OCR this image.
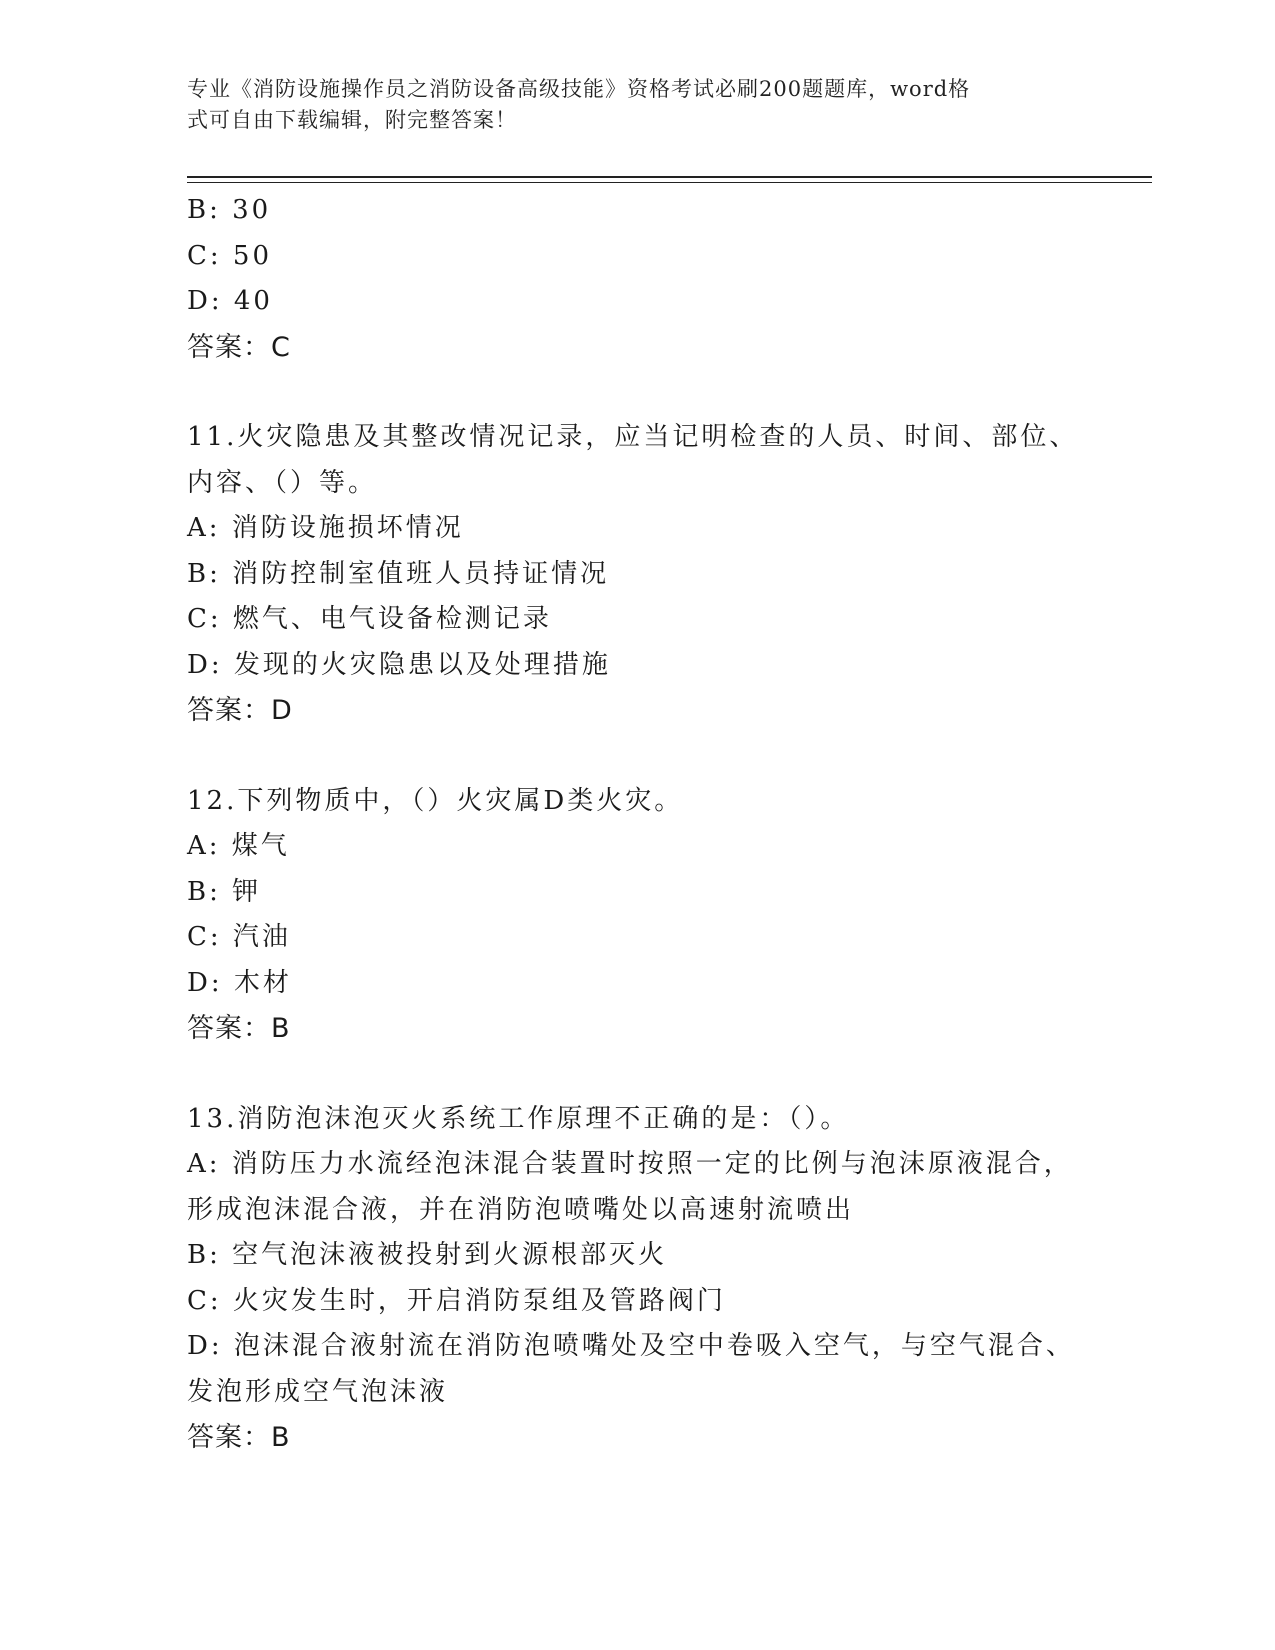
专业《消防设施操作员之消防设备高级技能》资格考试必刷200题题库，word格
式可自由下载编辑，附完整答案！
B: 30
C: 50
D: 40
答案：C
11.火灾隐患及其整改情况记录，应当记明检查的人员、时间、部位、
内容、（）等。
A: 消防设施损坏情况
B: 消防控制室值班人员持证情况
C: 燃气、电气设备检测记录
D: 发现的火灾隐患以及处理措施
答案：D
12.下列物质中，（）火灾属D类火灾。
A: 煤气
B: 钾
C: 汽油
D: 木材
答案：B
13.消防泡沫泡灭火系统工作原理不正确的是：（）。
A: 消防压力水流经泡沫混合装置时按照一定的比例与泡沫原液混合，
形成泡沫混合液，并在消防泡喷嘴处以高速射流喷出
B: 空气泡沫液被投射到火源根部灭火
C: 火灾发生时，开启消防泵组及管路阀门
D: 泡沫混合液射流在消防泡喷嘴处及空中卷吸入空气，与空气混合、
发泡形成空气泡沫液
答案：B
